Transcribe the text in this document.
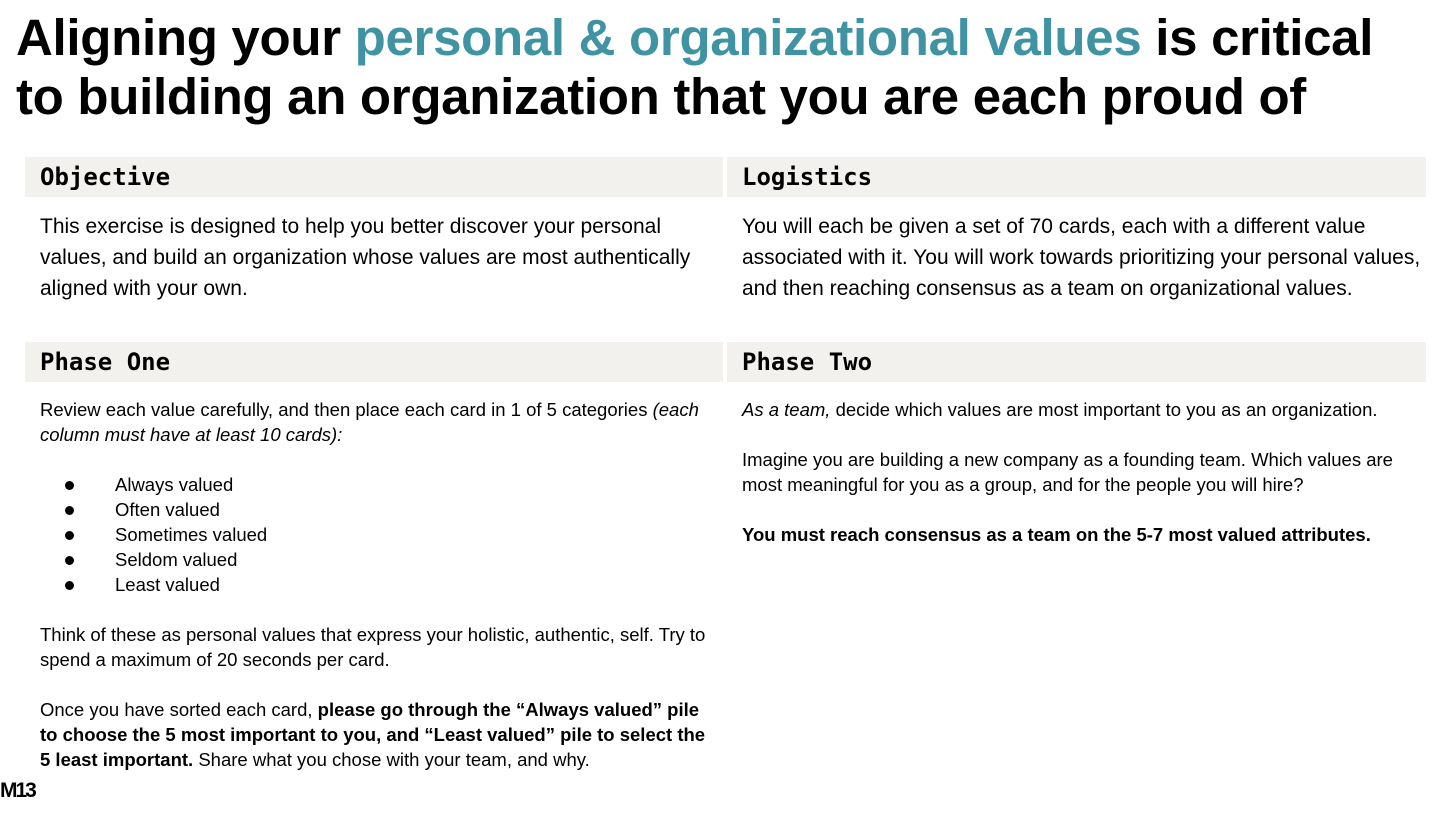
Aligning your personal & organizational values is critical to building an organization that you are each proud of
Objective	Logistics
This exercise is designed to help you better discover your personal values, and build an organization whose values are most authentically aligned with your own.
You will each be given a set of 70 cards, each with a different value associated with it. You will work towards prioritizing your personal values, and then reaching consensus as a team on organizational values.
Phase One	Phase Two

Review each value carefully, and then place each card in 1 of 5 categories (each column must have at least 10 cards):

Always valued
Often valued
Sometimes valued
Seldom valued
Least valued

Think of these as personal values that express your holistic, authentic, self. Try to spend a maximum of 20 seconds per card.

Once you have sorted each card, please go through the “Always valued” pile to choose the 5 most important to you, and “Least valued” pile to select the 5 least important. Share what you chose with your team, and why.

As a team, decide which values are most important to you as an organization.

Imagine you are building a new company as a founding team. Which values are most meaningful for you as a group, and for the people you will hire?

You must reach consensus as a team on the 5-7 most valued attributes.

M13
